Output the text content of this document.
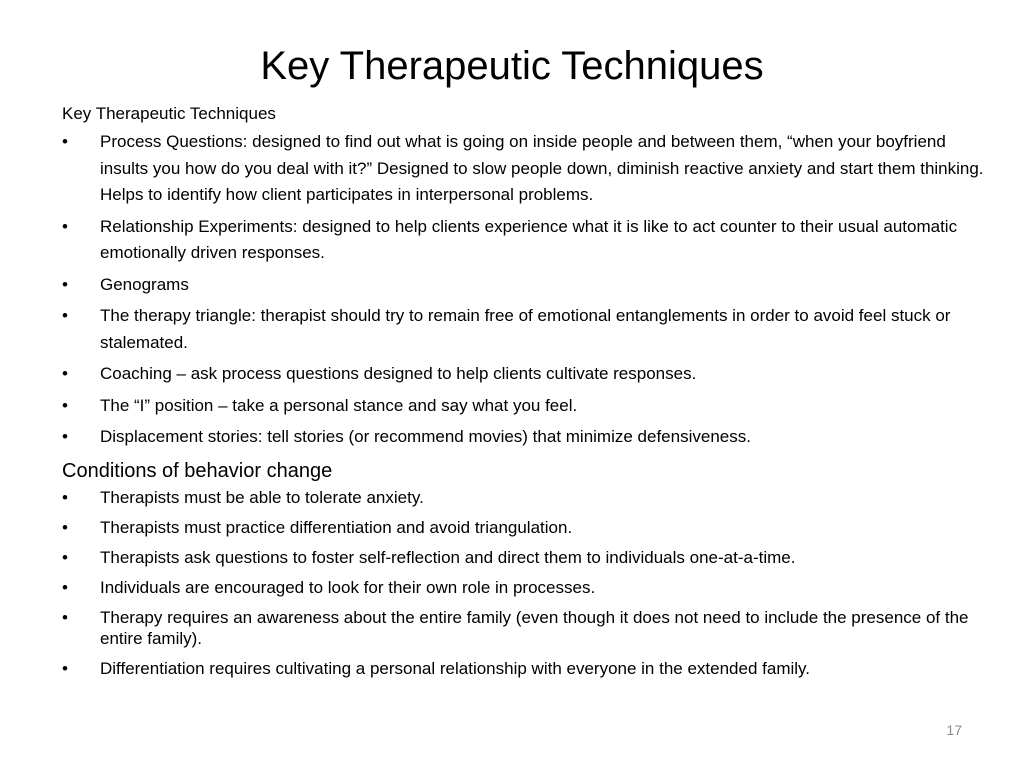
Key Therapeutic Techniques
Key Therapeutic Techniques
• Process Questions: designed to find out what is going on inside people and between them, “when your boyfriend insults you how do you deal with it?” Designed to slow people down, diminish reactive anxiety and start them thinking. Helps to identify how client participates in interpersonal problems.
• Relationship Experiments: designed to help clients experience what it is like to act counter to their usual automatic emotionally driven responses.
• Genograms
• The therapy triangle: therapist should try to remain free of emotional entanglements in order to avoid feel stuck or stalemated.
• Coaching – ask process questions designed to help clients cultivate responses.
• The “I” position – take a personal stance and say what you feel.
• Displacement stories: tell stories (or recommend movies) that minimize defensiveness.
Conditions of behavior change
• Therapists must be able to tolerate anxiety.
• Therapists must practice differentiation and avoid triangulation.
• Therapists ask questions to foster self-reflection and direct them to individuals one-at-a-time.
• Individuals are encouraged to look for their own role in processes.
• Therapy requires an awareness about the entire family (even though it does not need to include the presence of the entire family).
• Differentiation requires cultivating a personal relationship with everyone in the extended family.
17
